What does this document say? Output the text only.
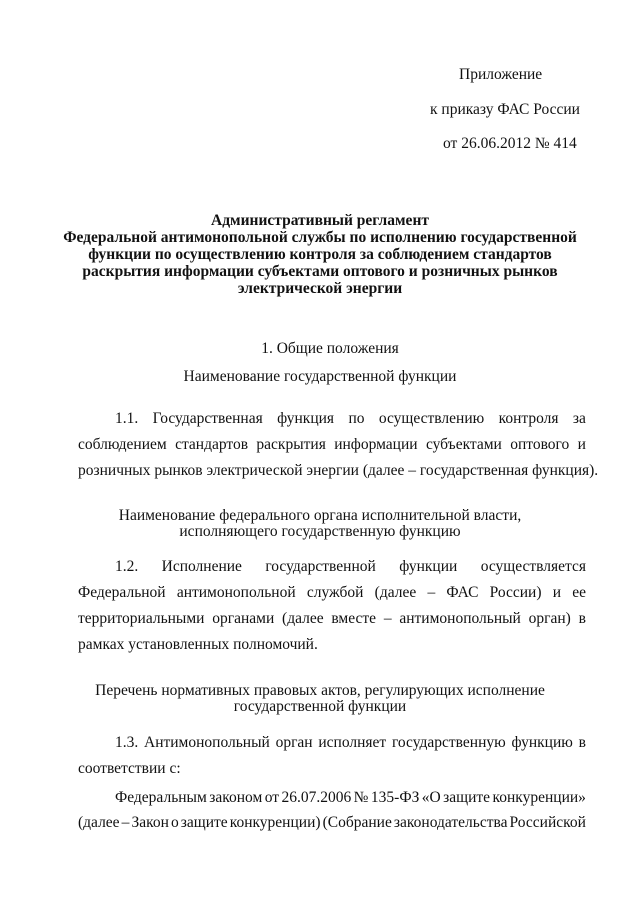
Приложение
к приказу ФАС России
от 26.06.2012 № 414
Административный регламент
Федеральной антимонопольной службы по исполнению государственной
функции по осуществлению контроля за соблюдением стандартов
раскрытия информации субъектами оптового и розничных рынков
электрической энергии
1. Общие положения
Наименование государственной функции
1.1. Государственная функция по осуществлению контроля за
соблюдением стандартов раскрытия информации субъектами оптового и
розничных рынков электрической энергии (далее – государственная функция).
Наименование федерального органа исполнительной власти,
исполняющего государственную функцию
1.2. Исполнение государственной функции осуществляется
Федеральной антимонопольной службой (далее – ФАС России) и ее
территориальными органами (далее вместе – антимонопольный орган) в
рамках установленных полномочий.
Перечень нормативных правовых актов, регулирующих исполнение
государственной функции
1.3. Антимонопольный орган исполняет государственную функцию в
соответствии с:
Федеральным законом от 26.07.2006 № 135-ФЗ «О защите конкуренции»
(далее – Закон о защите конкуренции) (Собрание законодательства Российской
